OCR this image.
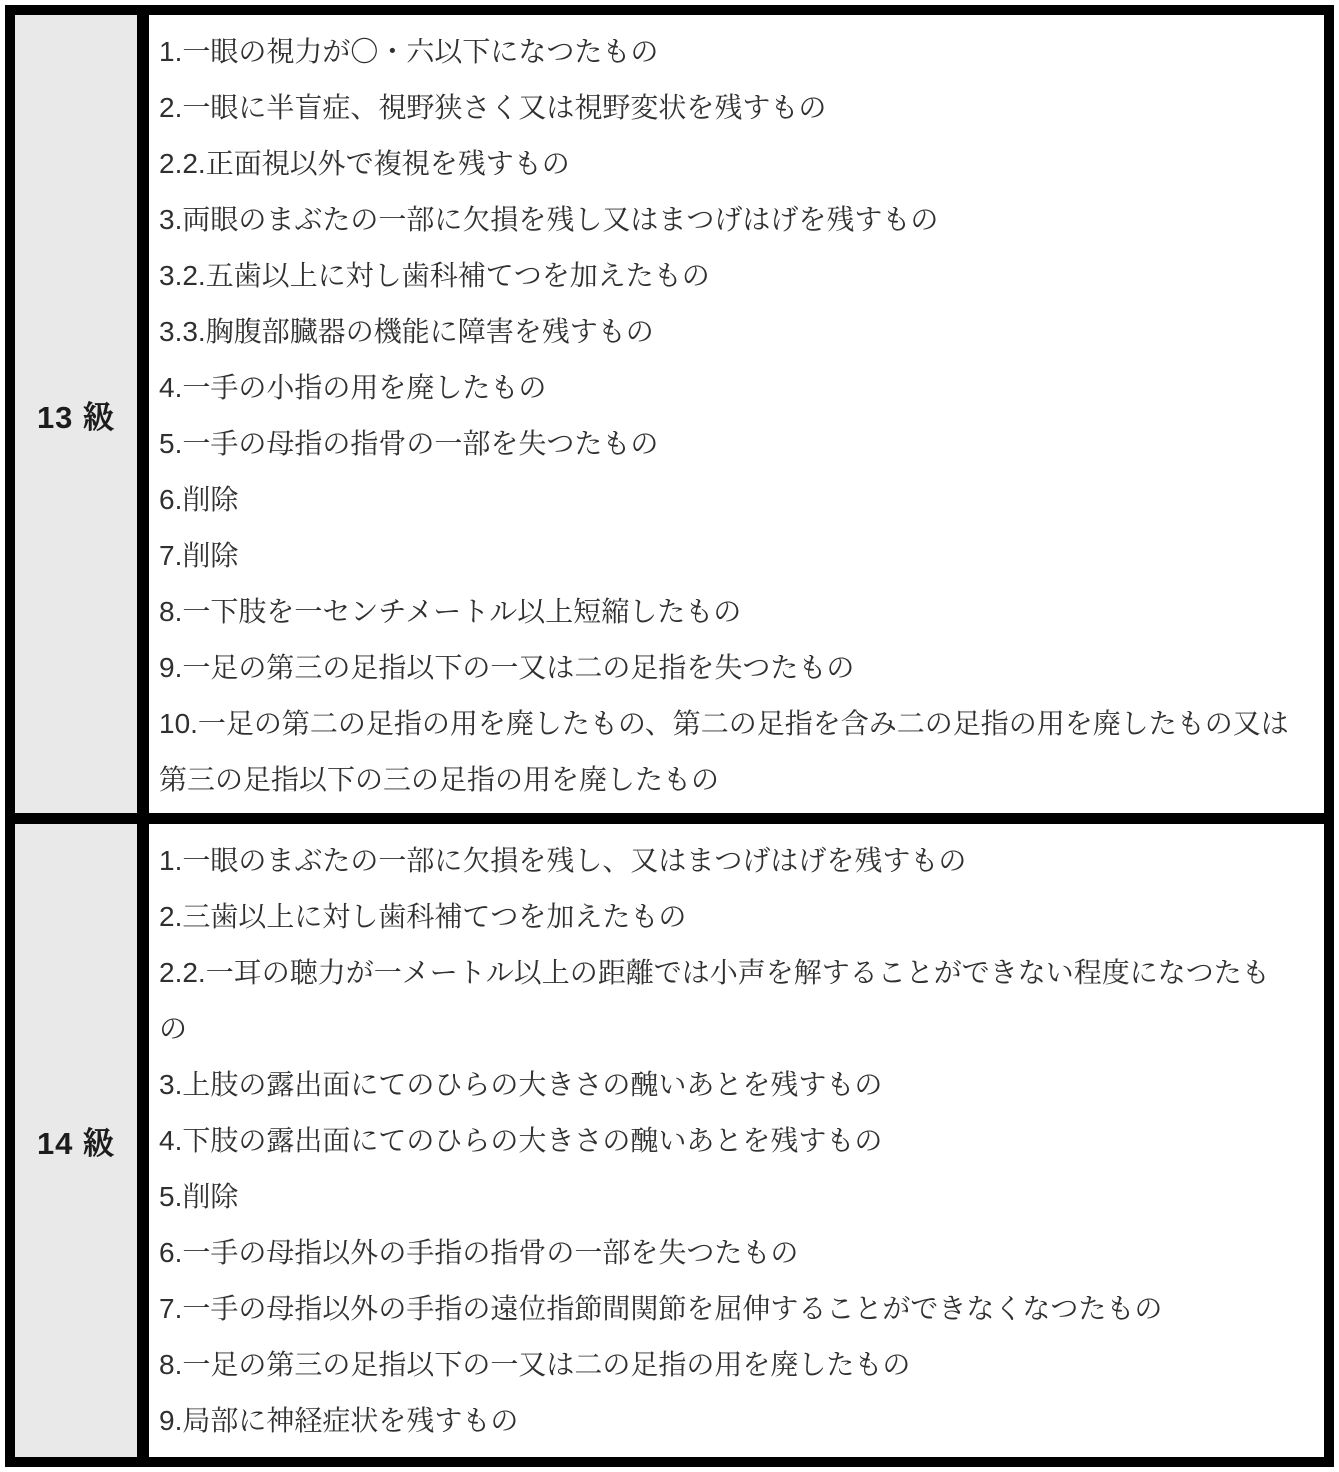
13 級
1.一眼の視力が〇・六以下になつたもの
2.一眼に半盲症、視野狭さく又は視野変状を残すもの
2.2.正面視以外で複視を残すもの
3.両眼のまぶたの一部に欠損を残し又はまつげはげを残すもの
3.2.五歯以上に対し歯科補てつを加えたもの
3.3.胸腹部臓器の機能に障害を残すもの
4.一手の小指の用を廃したもの
5.一手の母指の指骨の一部を失つたもの
6.削除
7.削除
8.一下肢を一センチメートル以上短縮したもの
9.一足の第三の足指以下の一又は二の足指を失つたもの
10.一足の第二の足指の用を廃したもの、第二の足指を含み二の足指の用を廃したもの又は第三の足指以下の三の足指の用を廃したもの
14 級
1.一眼のまぶたの一部に欠損を残し、又はまつげはげを残すもの
2.三歯以上に対し歯科補てつを加えたもの
2.2.一耳の聴力が一メートル以上の距離では小声を解することができない程度になつたもの
3.上肢の露出面にてのひらの大きさの醜いあとを残すもの
4.下肢の露出面にてのひらの大きさの醜いあとを残すもの
5.削除
6.一手の母指以外の手指の指骨の一部を失つたもの
7.一手の母指以外の手指の遠位指節間関節を屈伸することができなくなつたもの
8.一足の第三の足指以下の一又は二の足指の用を廃したもの
9.局部に神経症状を残すもの
